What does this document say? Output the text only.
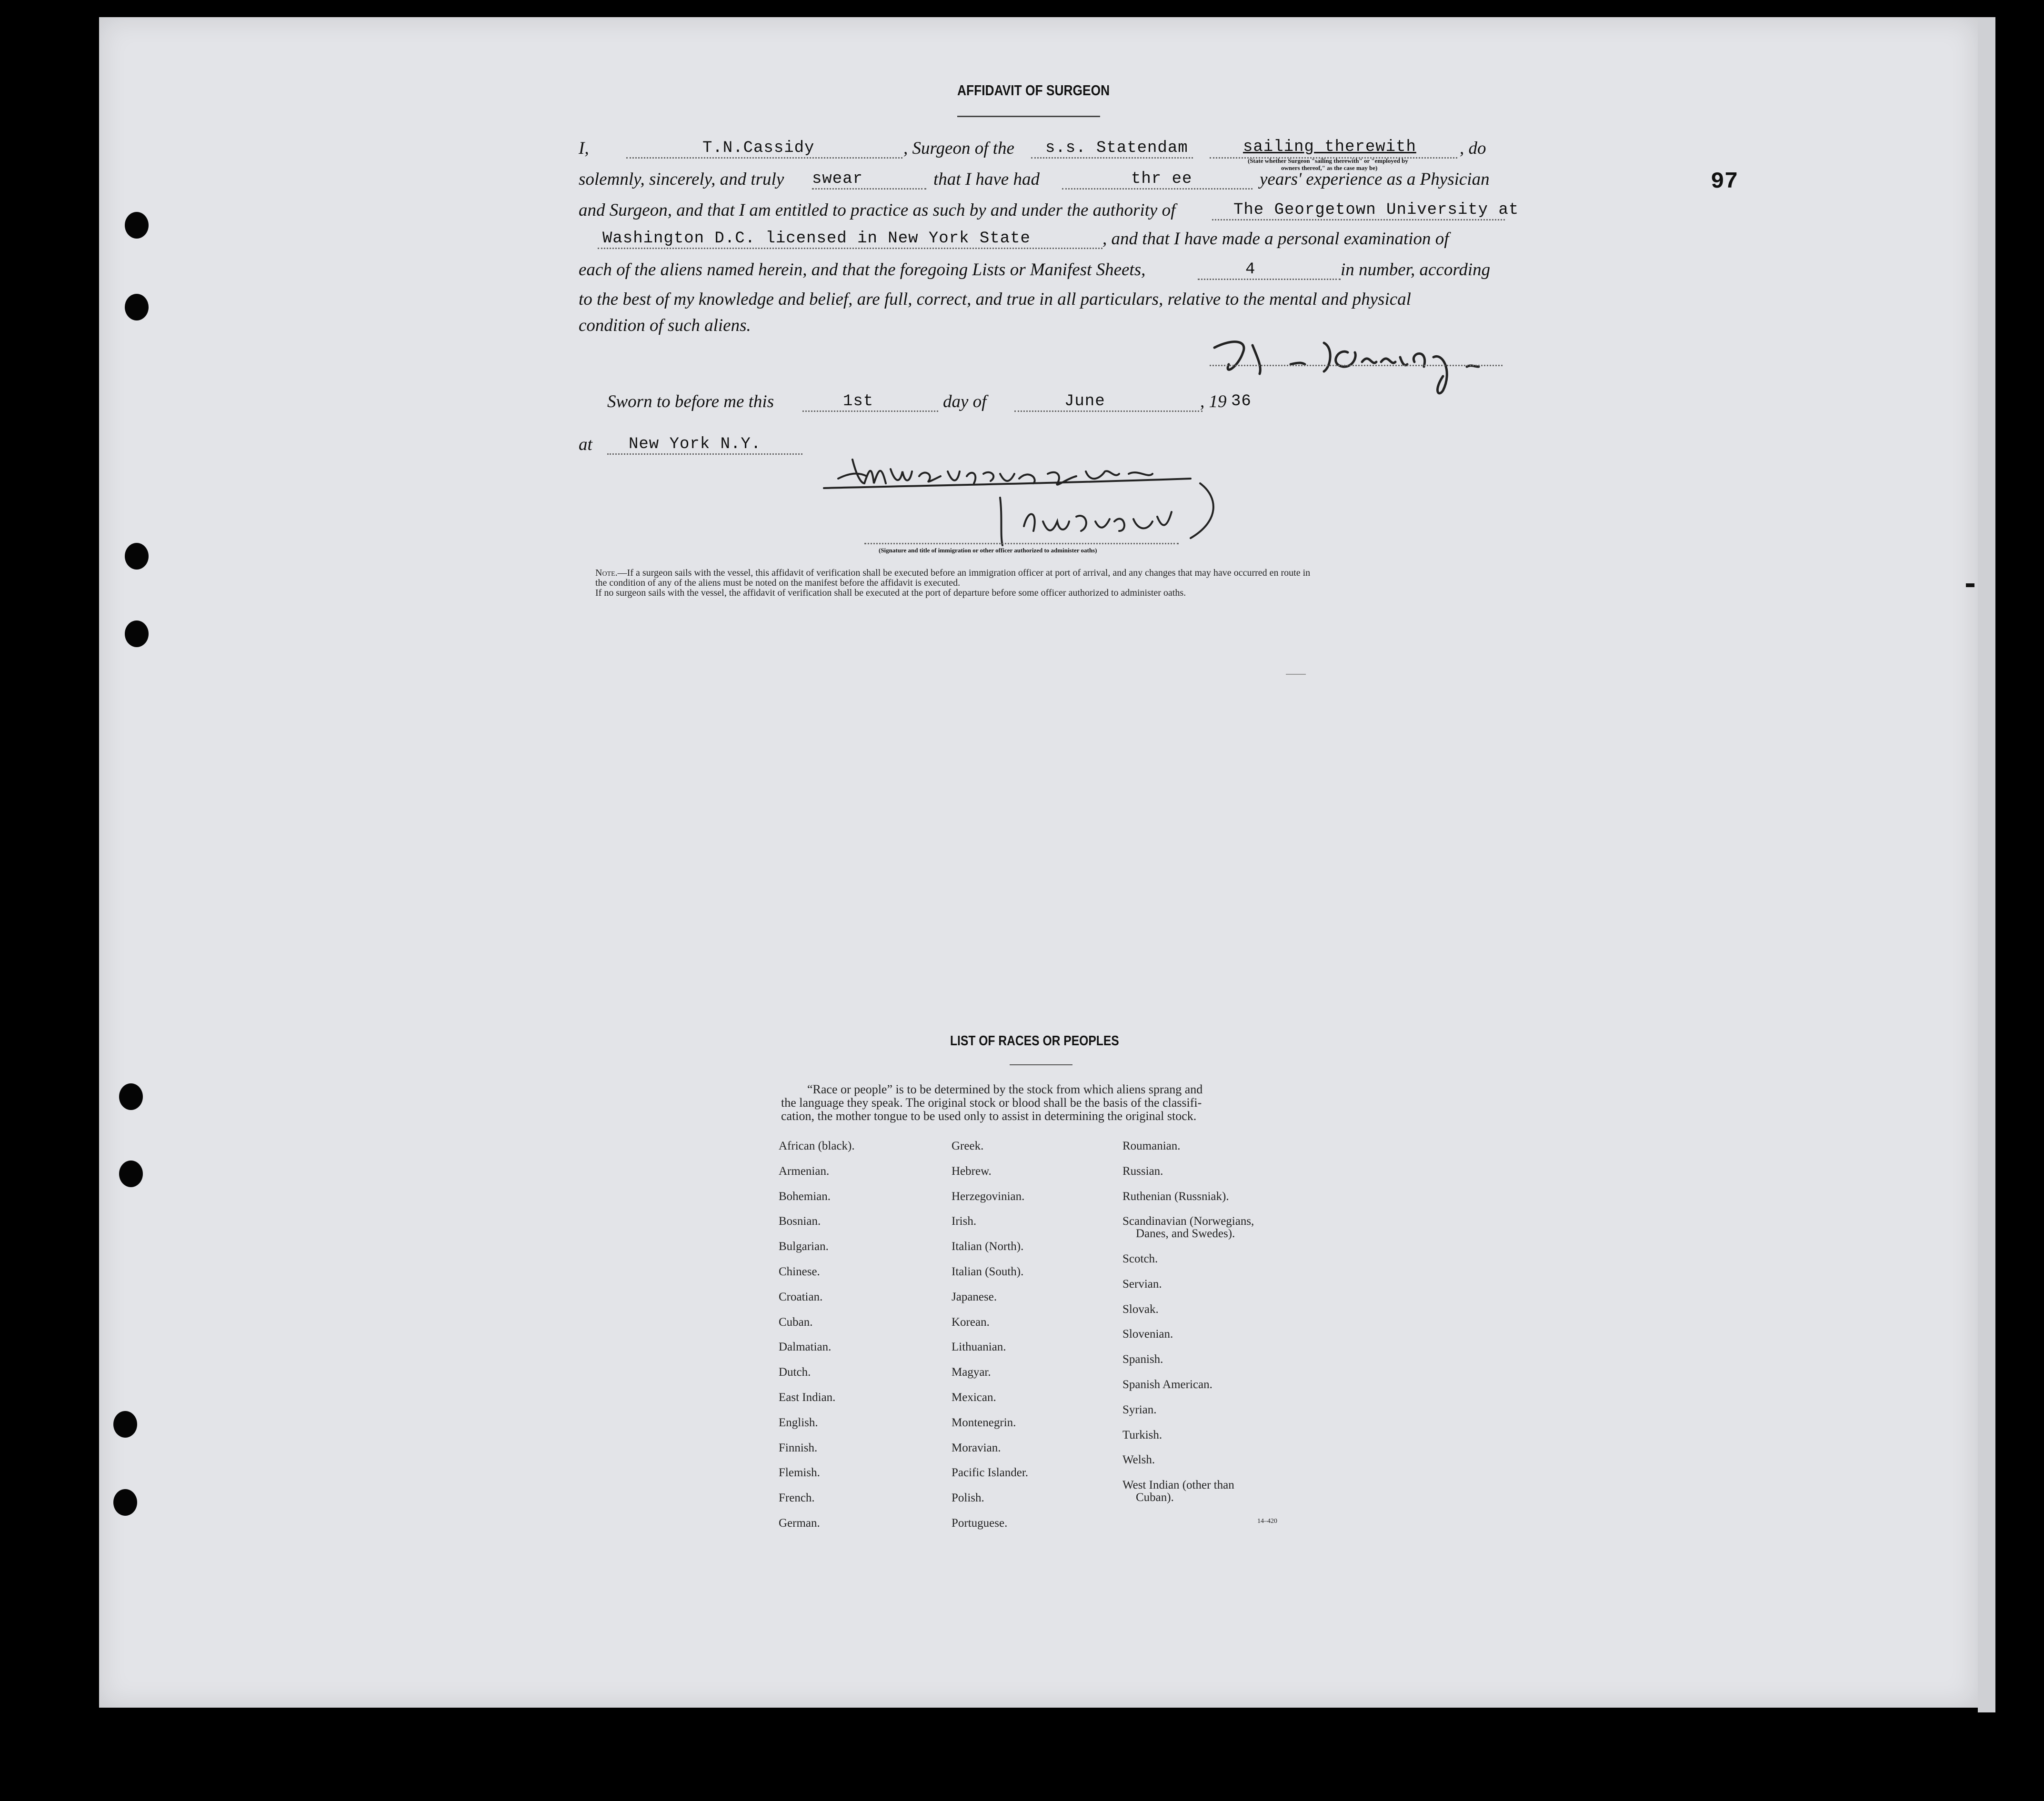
97
AFFIDAVIT OF SURGEON
I,	T.N.Cassidy	, Surgeon of the s.s. Statendam	sailing therewith , do
(State whether Surgeon "sailing therewith" or "employed by
owners thereof," as the case may be)
solemnly, sincerely, and truly swear	that I have had	thr ee	years' experience as a Physician
and Surgeon, and that I am entitled to practice as such by and under the authority of	The Georgetown University at
Washington D.C. licensed in New York State	, and that I have made a personal examination of
each of the aliens named herein, and that the foregoing Lists or Manifest Sheets,	4	in number, according
to the best of my knowledge and belief, are full, correct, and true in all particulars, relative to the mental and physical
condition of such aliens.
Sworn to before me this	1st	day of	June	, 19 36
at New York N.Y.
(Signature and title of immigration or other officer authorized to administer oaths)
Note.—If a surgeon sails with the vessel, this affidavit of verification shall be executed before an immigration officer at port of arrival, and any changes that may have occurred en route in
the condition of any of the aliens must be noted on the manifest before the affidavit is executed.
If no surgeon sails with the vessel, the affidavit of verification shall be executed at the port of departure before some officer authorized to administer oaths.
LIST OF RACES OR PEOPLES
“Race or people” is to be determined by the stock from which aliens sprang and
the language they speak. The original stock or blood shall be the basis of the classifi-
cation, the mother tongue to be used only to assist in determining the original stock.
African (black).
Armenian.
Bohemian.
Bosnian.
Bulgarian.
Chinese.
Croatian.
Cuban.
Dalmatian.
Dutch.
East Indian.
English.
Finnish.
Flemish.
French.
German.
Greek.
Hebrew.
Herzegovinian.
Irish.
Italian (North).
Italian (South).
Japanese.
Korean.
Lithuanian.
Magyar.
Mexican.
Montenegrin.
Moravian.
Pacific Islander.
Polish.
Portuguese.
Roumanian.
Russian.
Ruthenian (Russniak).
Scandinavian (Norwegians,
Danes, and Swedes).
Scotch.
Servian.
Slovak.
Slovenian.
Spanish.
Spanish American.
Syrian.
Turkish.
Welsh.
West Indian (other than
Cuban).
14–420
